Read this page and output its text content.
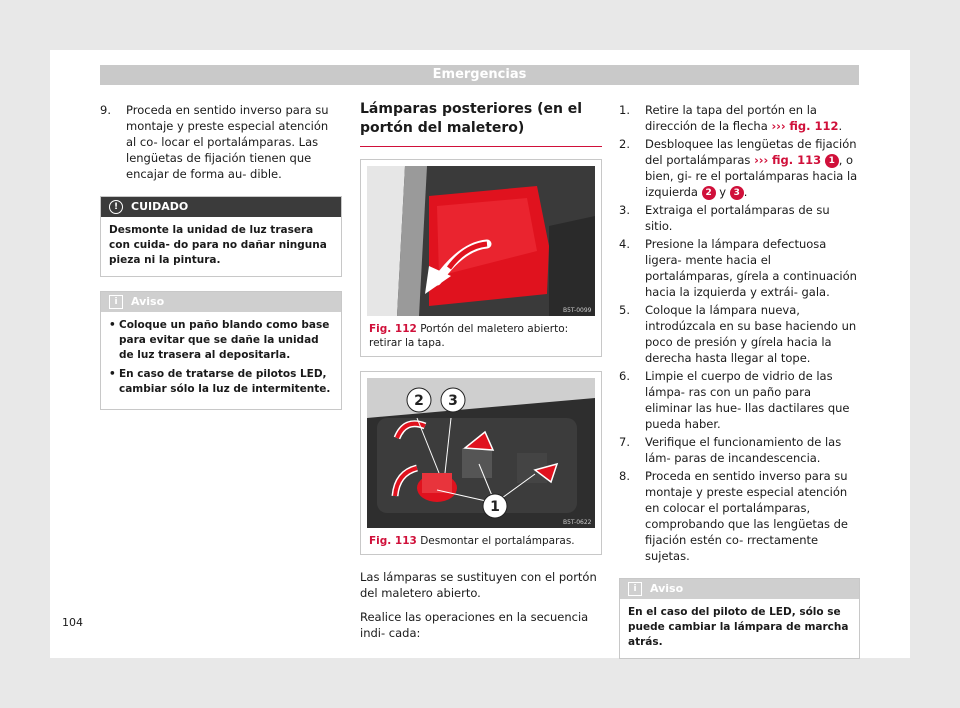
Emergencias
9.	Proceda en sentido inverso para su montaje y preste especial atención al co- locar el portalámparas. Las lengüetas de fijación tienen que encajar de forma au- dible.
!	CUIDADO
Desmonte la unidad de luz trasera con cuida- do para no dañar ninguna pieza ni la pintura.
i	Aviso
• Coloque un paño blando como base para evitar que se dañe la unidad de luz trasera al depositarla.
• En caso de tratarse de pilotos LED, cambiar sólo la luz de intermitente.
Lámparas posteriores (en el portón del maletero)
B5T-0099
Fig. 112 Portón del maletero abierto: retirar la tapa.
2 3
1
B5T-0622
Fig. 113 Desmontar el portalámparas.

Las lámparas se sustituyen con el portón del maletero abierto.

Realice las operaciones en la secuencia indi- cada:

1.	Retire la tapa del portón en la dirección de la flecha ››› fig. 112.
2.	Desbloquee las lengüetas de fijación del portalámparas ››› fig. 113 1 , o bien, gi- re el portalámparas hacia la izquierda 2 y 3 .
3.	Extraiga el portalámparas de su sitio.
4.	Presione la lámpara defectuosa ligera- mente hacia el portalámparas, gírela a continuación hacia la izquierda y extrái- gala.
5.	Coloque la lámpara nueva, introdúzcala en su base haciendo un poco de presión y gírela hacia la derecha hasta llegar al tope.
6.	Limpie el cuerpo de vidrio de las lámpa- ras con un paño para eliminar las hue- llas dactilares que pueda haber.
7.	Verifique el funcionamiento de las lám- paras de incandescencia.
8.	Proceda en sentido inverso para su montaje y preste especial atención en colocar el portalámparas, comprobando que las lengüetas de fijación estén co- rrectamente sujetas.
i	Aviso
En el caso del piloto de LED, sólo se puede cambiar la lámpara de marcha atrás.
104
